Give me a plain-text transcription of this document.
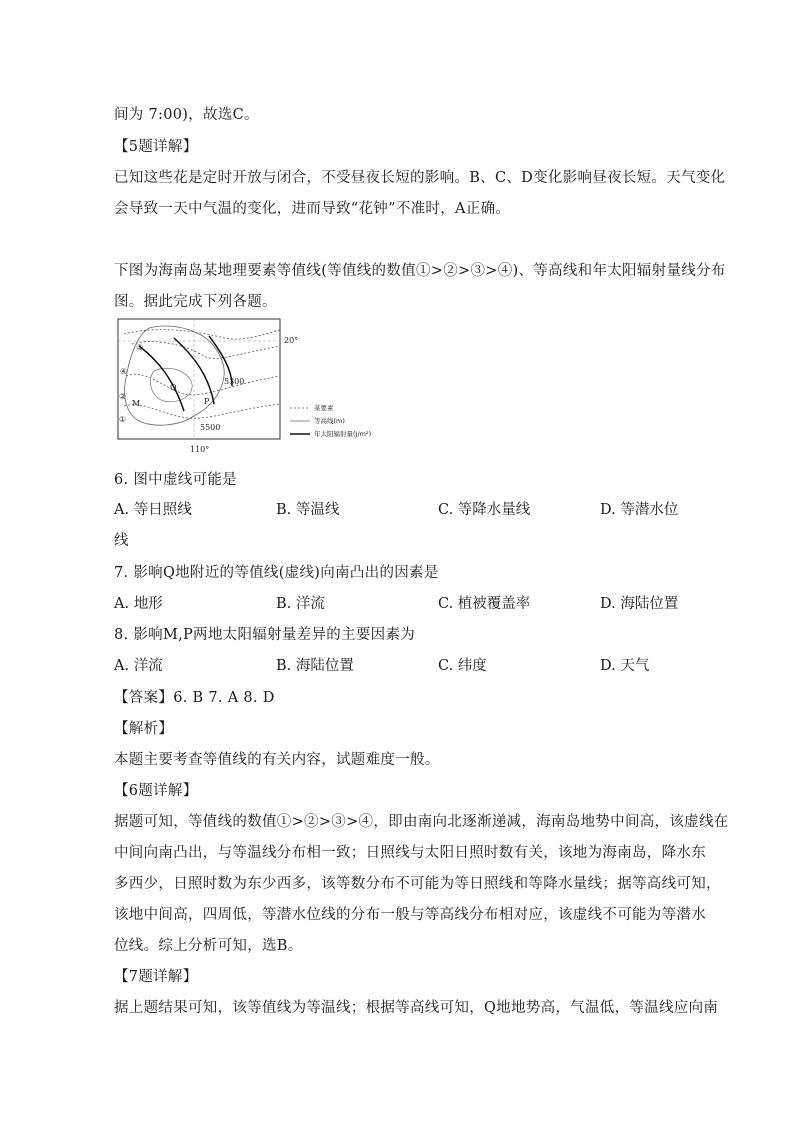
间为 7:00)，故选C。
【5题详解】
已知这些花是定时开放与闭合，不受昼夜长短的影响。B、C、D变化影响昼夜长短。天气变化
会导致一天中气温的变化，进而导致“花钟”不准时，A正确。
下图为海南岛某地理要素等值线(等值线的数值①>②>③>④)、等高线和年太阳辐射量线分布
图。据此完成下列各题。
20°
110°
5300
5500
③
④
②
①
M	P
Q
某要素
等高线(m)
年太阳辐射量(J/m²)
6. 图中虚线可能是
A. 等日照线	B. 等温线	C. 等降水量线	D. 等潜水位
线
7. 影响Q地附近的等值线(虚线)向南凸出的因素是
A. 地形	B. 洋流	C. 植被覆盖率	D. 海陆位置
8. 影响M,P两地太阳辐射量差异的主要因素为
A. 洋流	B. 海陆位置	C. 纬度	D. 天气
【答案】6. B 7. A 8. D
【解析】
本题主要考查等值线的有关内容，试题难度一般。
【6题详解】
据题可知，等值线的数值①>②>③>④，即由南向北逐渐递减，海南岛地势中间高，该虚线在
中间向南凸出，与等温线分布相一致；日照线与太阳日照时数有关，该地为海南岛，降水东
多西少，日照时数为东少西多，该等数分布不可能为等日照线和等降水量线；据等高线可知，
该地中间高，四周低，等潜水位线的分布一般与等高线分布相对应，该虚线不可能为等潜水
位线。综上分析可知，选B。
【7题详解】
据上题结果可知，该等值线为等温线；根据等高线可知，Q地地势高，气温低，等温线应向南
